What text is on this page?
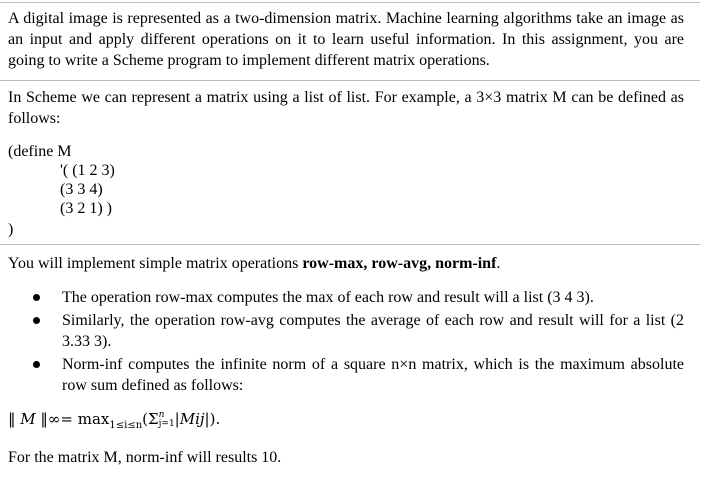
A digital image is represented as a two-dimension matrix. Machine learning algorithms take an image as an input and apply different operations on it to learn useful information. In this assignment, you are going to write a Scheme program to implement different matrix operations.
In Scheme we can represent a matrix using a list of list. For example, a 3×3 matrix M can be defined as follows:
(define M
'( (1 2 3)
(3 3 4)
(3 2 1) )
)
You will implement simple matrix operations row-max, row-avg, norm-inf.
The operation row-max computes the max of each row and result will a list (3 4 3).
Similarly, the operation row-avg computes the average of each row and result will for a list (2 3.33 3).
Norm-inf computes the infinite norm of a square n×n matrix, which is the maximum absolute row sum defined as follows:
‖ M ‖∞= $\max_{1\le i\le n}(\Sigma$ n
j=1 |Mij|).
For the matrix M, norm-inf will results 10.
